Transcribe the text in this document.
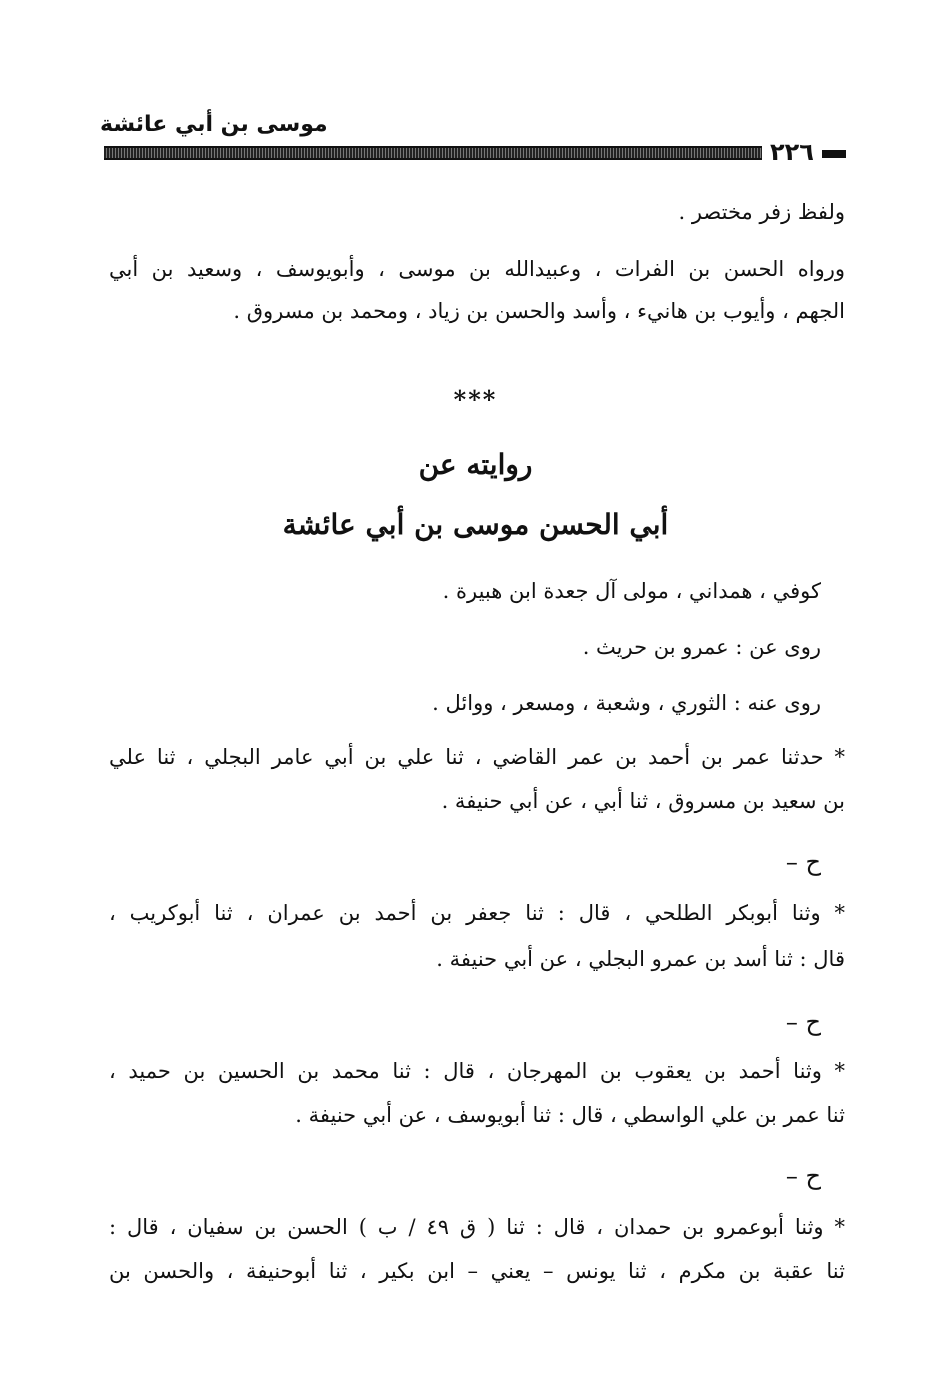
موسى بن أبي عائشة
٢٢٦
ولفظ زفر مختصر .
ورواه الحسن بن الفرات ، وعبيدالله بن موسى ، وأبويوسف ، وسعيد بن أبي
الجهم ، وأيوب بن هانيء ، وأسد والحسن بن زياد ، ومحمد بن مسروق .
***
روايته عن
أبي الحسن موسى بن أبي عائشة
كوفي ، همداني ، مولى آل جعدة ابن هبيرة .
روى عن : عمرو بن حريث .
روى عنه : الثوري ، وشعبة ، ومسعر ، ووائل .
* حدثنا عمر بن أحمد بن عمر القاضي ، ثنا علي بن أبي عامر البجلي ، ثنا علي
بن سعيد بن مسروق ، ثنا أبي ، عن أبي حنيفة .
ح –
* وثنا أبوبكر الطلحي ، قال : ثنا جعفر بن أحمد بن عمران ، ثنا أبوكريب ،
قال : ثنا أسد بن عمرو البجلي ، عن أبي حنيفة .
ح –
* وثنا أحمد بن يعقوب بن المهرجان ، قال : ثنا محمد بن الحسين بن حميد ،
ثنا عمر بن علي الواسطي ، قال : ثنا أبويوسف ، عن أبي حنيفة .
ح –
* وثنا أبوعمرو بن حمدان ، قال : ثنا ( ق ٤٩ / ب ) الحسن بن سفيان ، قال :
ثنا عقبة بن مكرم ، ثنا يونس – يعني – ابن بكير ، ثنا أبوحنيفة ، والحسن بن
